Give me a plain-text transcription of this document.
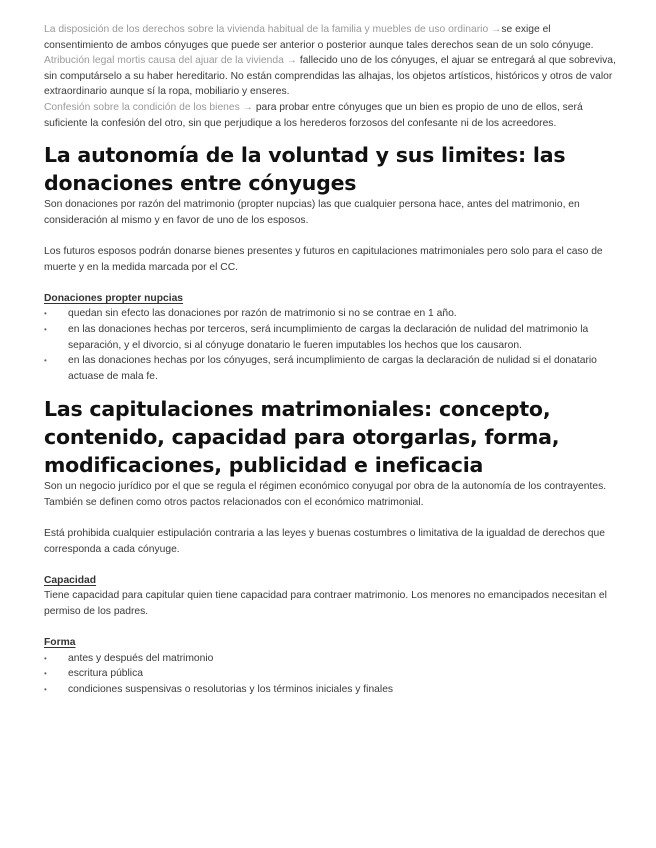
La disposición de los derechos sobre la vivienda habitual de la familia y muebles de uso ordinario →se exige el consentimiento de ambos cónyuges que puede ser anterior o posterior aunque tales derechos sean de un solo cónyuge.

Atribución legal mortis causa del ajuar de la vivienda → fallecido uno de los cónyuges, el ajuar se entregará al que sobreviva, sin computárselo a su haber hereditario. No están comprendidas las alhajas, los objetos artísticos, históricos y otros de valor extraordinario aunque sí la ropa, mobiliario y enseres.

Confesión sobre la condición de los bienes → para probar entre cónyuges que un bien es propio de uno de ellos, será suficiente la confesión del otro, sin que perjudique a los herederos forzosos del confesante ni de los acreedores.

La autonomía de la voluntad y sus limites: las donaciones entre cónyuges

Son donaciones por razón del matrimonio (propter nupcias) las que cualquier persona hace, antes del matrimonio, en consideración al mismo y en favor de uno de los esposos.

Los futuros esposos podrán donarse bienes presentes y futuros en capitulaciones matrimoniales pero solo para el caso de muerte y en la medida marcada por el CC.

Donaciones propter nupcias
• quedan sin efecto las donaciones por razón de matrimonio si no se contrae en 1 año.
• en las donaciones hechas por terceros, será incumplimiento de cargas la declaración de nulidad del matrimonio la separación, y el divorcio, si al cónyuge donatario le fueren imputables los hechos que los causaron.
• en las donaciones hechas por los cónyuges, será incumplimiento de cargas la declaración de nulidad si el donatario actuase de mala fe.
Las capitulaciones matrimoniales: concepto, contenido, capacidad para otorgarlas, forma, modificaciones, publicidad e ineficacia

Son un negocio jurídico por el que se regula el régimen económico conyugal por obra de la autonomía de los contrayentes. También se definen como otros pactos relacionados con el económico matrimonial.

Está prohibida cualquier estipulación contraria a las leyes y buenas costumbres o limitativa de la igualdad de derechos que corresponda a cada cónyuge.

Capacidad

Tiene capacidad para capitular quien tiene capacidad para contraer matrimonio. Los menores no emancipados necesitan el permiso de los padres.

Forma
• antes y después del matrimonio
• escritura pública
• condiciones suspensivas o resolutorias y los términos iniciales y finales
